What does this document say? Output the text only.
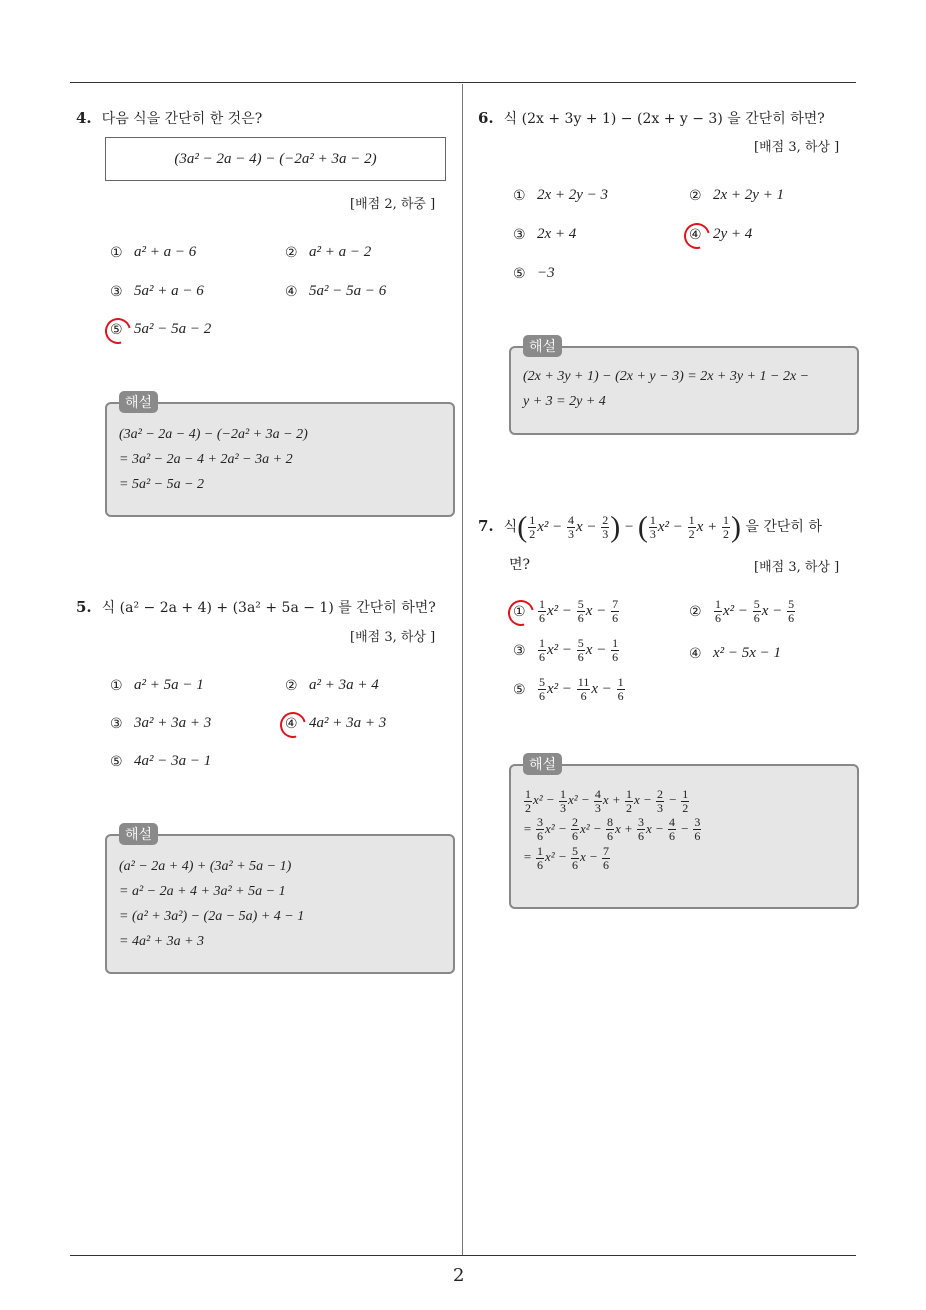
2
4. 다음 식을 간단히 한 것은?
(3a² − 2a − 4) − (−2a² + 3a − 2)
[배점 2, 하중 ]
① a² + a − 6	② a² + a − 2
③ 5a² + a − 6	④ 5a² − 5a − 6
⑤ 5a² − 5a − 2
해설
(3a² − 2a − 4) − (−2a² + 3a − 2)
= 3a² − 2a − 4 + 2a² − 3a + 2
= 5a² − 5a − 2
5. 식 (a² − 2a + 4) + (3a² + 5a − 1) 를 간단히 하면?
[배점 3, 하상 ]
① a² + 5a − 1	② a² + 3a + 4
③ 3a² + 3a + 3	④ 4a² + 3a + 3
⑤ 4a² − 3a − 1
해설
(a² − 2a + 4) + (3a² + 5a − 1)
= a² − 2a + 4 + 3a² + 5a − 1
= (a² + 3a²) − (2a − 5a) + 4 − 1
= 4a² + 3a + 3
6. 식 (2x + 3y + 1) − (2x + y − 3) 을 간단히 하면?
[배점 3, 하상 ]
① 2x + 2y − 3	② 2x + 2y + 1
③ 2x + 4	④ 2y + 4
⑤ −3
해설
(2x + 3y + 1) − (2x + y − 3) = 2x + 3y + 1 − 2x −
y + 3 = 2y + 4
7. 식( $\frac{1}{2} x^2 - \frac{4}{3}$ $x - \frac{2}{3}$ ) − ( $\frac{1}{3} x^2 - \frac{1}{2}$ $x + \frac{1}{2}$ ) 을 간단히 하
면?	[배점 3, 하상 ]
① $\frac{1}{6} x^2 - \frac{5}{6}$ $x - \frac{7}{6}$	② $\frac{1}{6} x^2 - \frac{5}{6}$ $x - \frac{5}{6}$
③ $\frac{1}{6} x^2 - \frac{5}{6}$ $x - \frac{1}{6}$	④ x² − 5x − 1
⑤ $\frac{5}{6} x^2 - \frac{11}{6}$ $x - \frac{1}{6}$
해설
$\frac{1}{2} x^2 - \frac{1}{3} x^2 - \frac{4}{3}$ $x + \frac{1}{2}$ $x - \frac{2}{3} - \frac{1}{2}$
= $\frac{3}{6} x^2 - \frac{2}{6} x^2 - \frac{8}{6}$ $x + \frac{3}{6}$ $x - \frac{4}{6} - \frac{3}{6}$
= $\frac{1}{6} x^2 - \frac{5}{6}$ $x - \frac{7}{6}$
